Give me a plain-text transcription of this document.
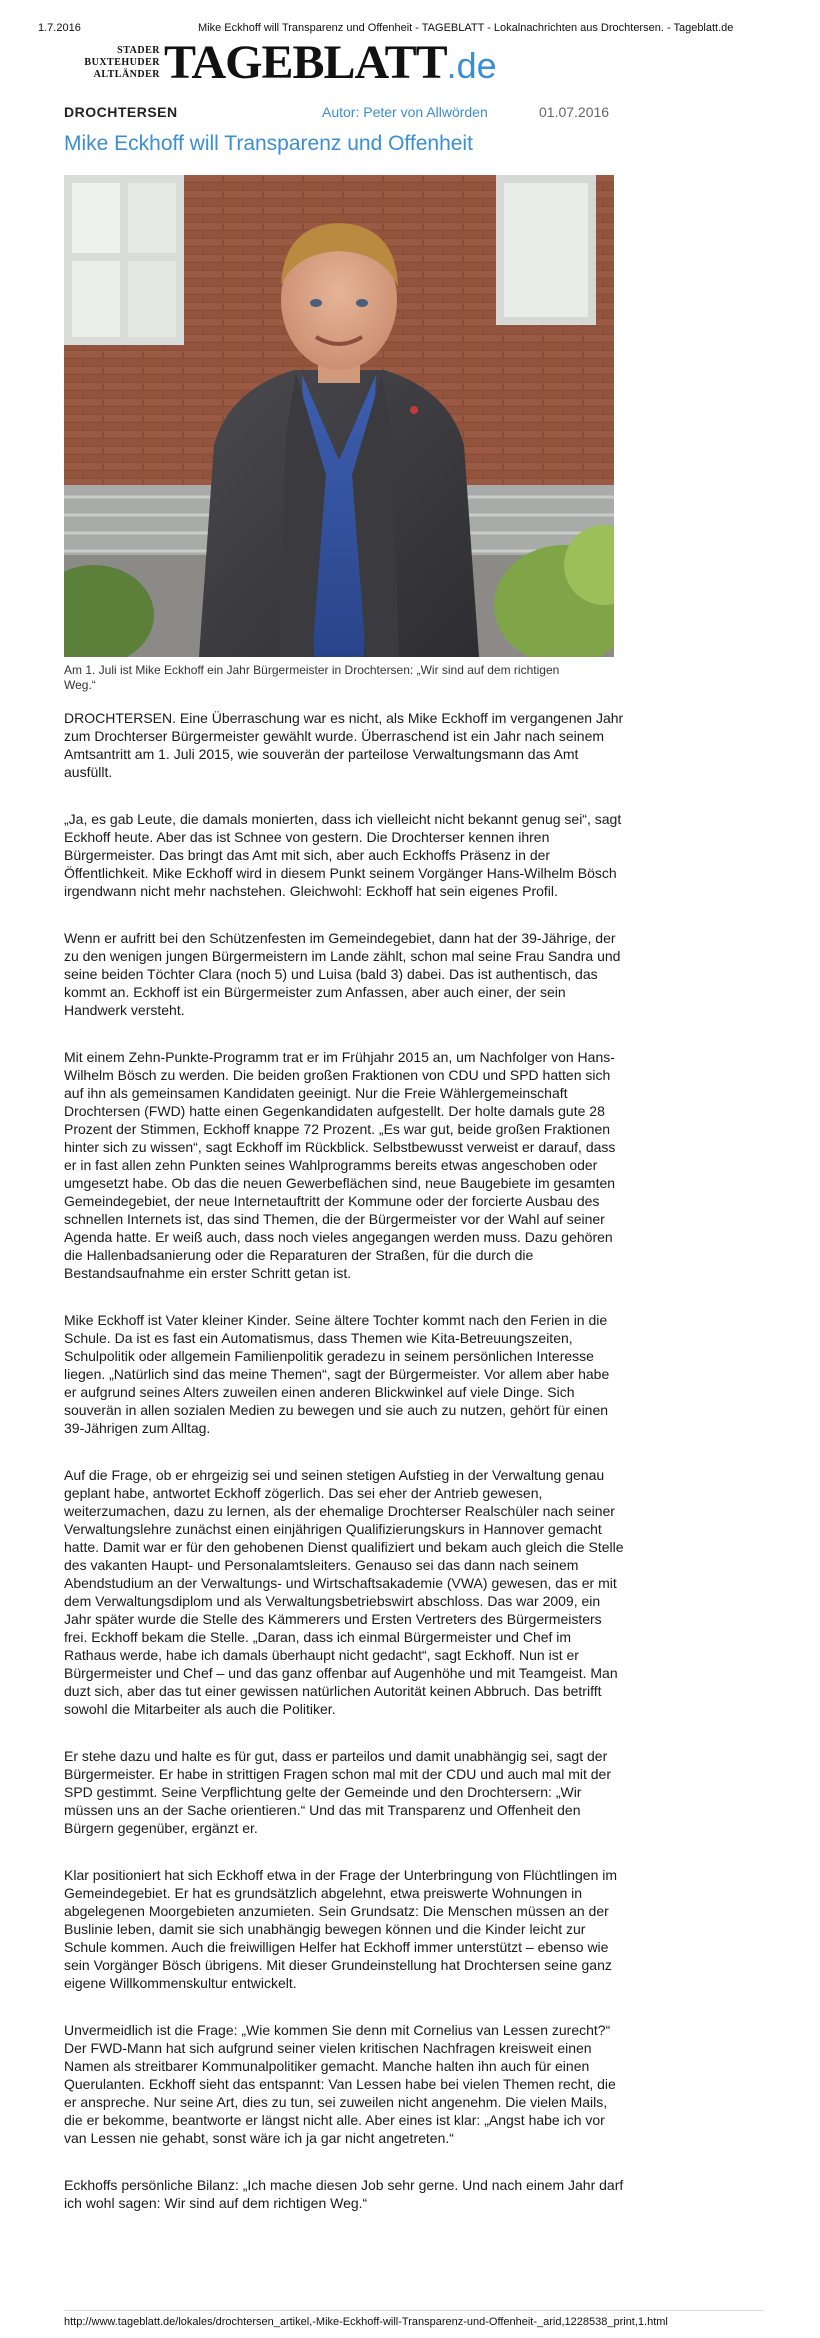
1.7.2016	Mike Eckhoff will Transparenz und Offenheit - TAGEBLATT - Lokalnachrichten aus Drochtersen. - Tageblatt.de
STADER
BUXTEHUDER
ALTLÄNDER TAGEBLATT.de
DROCHTERSEN	Autor: Peter von Allwörden	01.07.2016
Mike Eckhoff will Transparenz und Offenheit
Am 1. Juli ist Mike Eckhoff ein Jahr Bürgermeister in Drochtersen: „Wir sind auf dem richtigen Weg.“

DROCHTERSEN. Eine Überraschung war es nicht, als Mike Eckhoff im vergangenen Jahr zum Drochterser Bürgermeister gewählt wurde. Überraschend ist ein Jahr nach seinem Amtsantritt am 1. Juli 2015, wie souverän der parteilose Verwaltungsmann das Amt ausfüllt.

„Ja, es gab Leute, die damals monierten, dass ich vielleicht nicht bekannt genug sei“, sagt Eckhoff heute. Aber das ist Schnee von gestern. Die Drochterser kennen ihren Bürgermeister. Das bringt das Amt mit sich, aber auch Eckhoffs Präsenz in der Öffentlichkeit. Mike Eckhoff wird in diesem Punkt seinem Vorgänger Hans-Wilhelm Bösch irgendwann nicht mehr nachstehen. Gleichwohl: Eckhoff hat sein eigenes Profil.

Wenn er aufritt bei den Schützenfesten im Gemeindegebiet, dann hat der 39-Jährige, der zu den wenigen jungen Bürgermeistern im Lande zählt, schon mal seine Frau Sandra und seine beiden Töchter Clara (noch 5) und Luisa (bald 3) dabei. Das ist authentisch, das kommt an. Eckhoff ist ein Bürgermeister zum Anfassen, aber auch einer, der sein Handwerk versteht.

Mit einem Zehn-Punkte-Programm trat er im Frühjahr 2015 an, um Nachfolger von Hans-Wilhelm Bösch zu werden. Die beiden großen Fraktionen von CDU und SPD hatten sich auf ihn als gemeinsamen Kandidaten geeinigt. Nur die Freie Wählergemeinschaft Drochtersen (FWD) hatte einen Gegenkandidaten aufgestellt. Der holte damals gute 28 Prozent der Stimmen, Eckhoff knappe 72 Prozent. „Es war gut, beide großen Fraktionen hinter sich zu wissen“, sagt Eckhoff im Rückblick. Selbstbewusst verweist er darauf, dass er in fast allen zehn Punkten seines Wahlprogramms bereits etwas angeschoben oder umgesetzt habe. Ob das die neuen Gewerbeflächen sind, neue Baugebiete im gesamten Gemeindegebiet, der neue Internetauftritt der Kommune oder der forcierte Ausbau des schnellen Internets ist, das sind Themen, die der Bürgermeister vor der Wahl auf seiner Agenda hatte. Er weiß auch, dass noch vieles angegangen werden muss. Dazu gehören die Hallenbadsanierung oder die Reparaturen der Straßen, für die durch die Bestandsaufnahme ein erster Schritt getan ist.

Mike Eckhoff ist Vater kleiner Kinder. Seine ältere Tochter kommt nach den Ferien in die Schule. Da ist es fast ein Automatismus, dass Themen wie Kita-Betreuungszeiten, Schulpolitik oder allgemein Familienpolitik geradezu in seinem persönlichen Interesse liegen. „Natürlich sind das meine Themen“, sagt der Bürgermeister. Vor allem aber habe er aufgrund seines Alters zuweilen einen anderen Blickwinkel auf viele Dinge. Sich souverän in allen sozialen Medien zu bewegen und sie auch zu nutzen, gehört für einen 39-Jährigen zum Alltag.

Auf die Frage, ob er ehrgeizig sei und seinen stetigen Aufstieg in der Verwaltung genau geplant habe, antwortet Eckhoff zögerlich. Das sei eher der Antrieb gewesen, weiterzumachen, dazu zu lernen, als der ehemalige Drochterser Realschüler nach seiner Verwaltungslehre zunächst einen einjährigen Qualifizierungskurs in Hannover gemacht hatte. Damit war er für den gehobenen Dienst qualifiziert und bekam auch gleich die Stelle des vakanten Haupt- und Personalamtsleiters. Genauso sei das dann nach seinem Abendstudium an der Verwaltungs- und Wirtschaftsakademie (VWA) gewesen, das er mit dem Verwaltungsdiplom und als Verwaltungsbetriebswirt abschloss. Das war 2009, ein Jahr später wurde die Stelle des Kämmerers und Ersten Vertreters des Bürgermeisters frei. Eckhoff bekam die Stelle. „Daran, dass ich einmal Bürgermeister und Chef im Rathaus werde, habe ich damals überhaupt nicht gedacht“, sagt Eckhoff. Nun ist er Bürgermeister und Chef – und das ganz offenbar auf Augenhöhe und mit Teamgeist. Man duzt sich, aber das tut einer gewissen natürlichen Autorität keinen Abbruch. Das betrifft sowohl die Mitarbeiter als auch die Politiker.

Er stehe dazu und halte es für gut, dass er parteilos und damit unabhängig sei, sagt der Bürgermeister. Er habe in strittigen Fragen schon mal mit der CDU und auch mal mit der SPD gestimmt. Seine Verpflichtung gelte der Gemeinde und den Drochtersern: „Wir müssen uns an der Sache orientieren.“ Und das mit Transparenz und Offenheit den Bürgern gegenüber, ergänzt er.

Klar positioniert hat sich Eckhoff etwa in der Frage der Unterbringung von Flüchtlingen im Gemeindegebiet. Er hat es grundsätzlich abgelehnt, etwa preiswerte Wohnungen in abgelegenen Moorgebieten anzumieten. Sein Grundsatz: Die Menschen müssen an der Buslinie leben, damit sie sich unabhängig bewegen können und die Kinder leicht zur Schule kommen. Auch die freiwilligen Helfer hat Eckhoff immer unterstützt – ebenso wie sein Vorgänger Bösch übrigens. Mit dieser Grundeinstellung hat Drochtersen seine ganz eigene Willkommenskultur entwickelt.

Unvermeidlich ist die Frage: „Wie kommen Sie denn mit Cornelius van Lessen zurecht?“ Der FWD-Mann hat sich aufgrund seiner vielen kritischen Nachfragen kreisweit einen Namen als streitbarer Kommunalpolitiker gemacht. Manche halten ihn auch für einen Querulanten. Eckhoff sieht das entspannt: Van Lessen habe bei vielen Themen recht, die er anspreche. Nur seine Art, dies zu tun, sei zuweilen nicht angenehm. Die vielen Mails, die er bekomme, beantworte er längst nicht alle. Aber eines ist klar: „Angst habe ich vor van Lessen nie gehabt, sonst wäre ich ja gar nicht angetreten.“

Eckhoffs persönliche Bilanz: „Ich mache diesen Job sehr gerne. Und nach einem Jahr darf ich wohl sagen: Wir sind auf dem richtigen Weg.“

http://www.tageblatt.de/lokales/drochtersen_artikel,-Mike-Eckhoff-will-Transparenz-und-Offenheit-_arid,1228538_print,1.html
